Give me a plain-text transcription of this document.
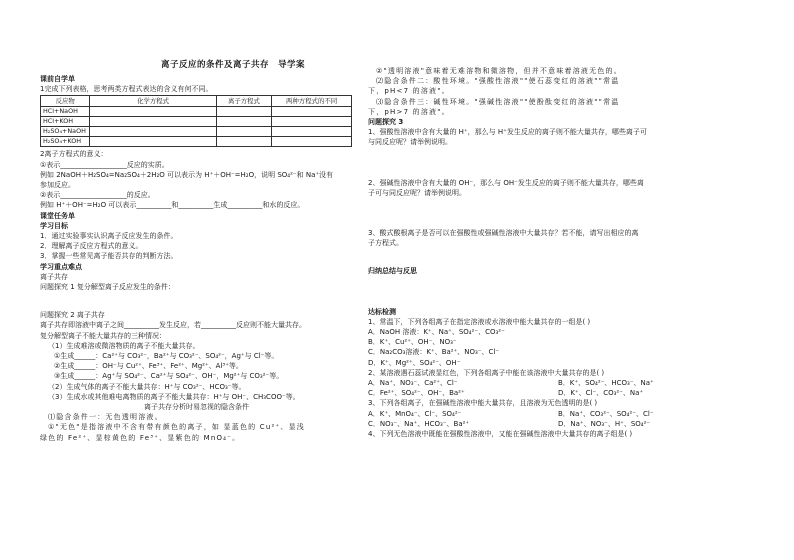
离子反应的条件及离子共存　导学案
课前自学单
1完成下列表格，思考两类方程式表达的含义有何不同。
反应物	化学方程式	离子方程式	两种方程式的不同
HCl+NaOH			
HCl+KOH			
H₂SO₄+NaOH			
H₂SO₄+KOH			
2离子方程式的意义：
①表示___________________反应的实质。
例如 2NaOH＋H₂SO₄=Na₂SO₄＋2H₂O 可以表示为 H⁺＋OH⁻=H₂O，说明 SO₄²⁻和 Na⁺没有
参加反应。
②表示___________________的反应。
例如 H⁺＋OH⁻=H₂O 可以表示__________和__________生成__________和水的反应。
课堂任务单
学习目标
1．通过实验事实认识离子反应发生的条件。
2．理解离子反应方程式的意义。
3．掌握一些常见离子能否共存的判断方法。
学习重点难点
离子共存
问题探究 1 复分解型离子反应发生的条件：
问题探究 2 离子共存
离子共存即溶液中离子之间__________发生反应，若__________反应则不能大量共存。
复分解型离子不能大量共存的三种情况：
（1）生成难溶或微溶物质的离子不能大量共存。
①生成______：Ca²⁺与 CO₃²⁻，Ba²⁺与 CO₃²⁻、SO₄²⁻，Ag⁺与 Cl⁻等。
②生成______：OH⁻与 Cu²⁺、Fe³⁺、Fe²⁺、Mg²⁺、Al³⁺等。
③生成______：Ag⁺与 SO₄²⁻、Ca²⁺与 SO₄²⁻、OH⁻，Mg²⁺与 CO₃²⁻等。
（2）生成气体的离子不能大量共存：H⁺与 CO₃²⁻、HCO₃⁻等。
（3）生成水或其他难电离物质的离子不能大量共存：H⁺与 OH⁻、CH₃COO⁻等。
离子共存分析时易忽视的隐含条件
⑴隐含条件一：无色透明溶液。
①"无色"是指溶液中不含有带有颜色的离子，如 显蓝色的 Cu²⁺、显浅
绿色的 Fe²⁺、显棕黄色的 Fe³⁺、显紫色的 MnO₄⁻。
②"透明溶液"意味着无难溶物和微溶物，但并不意味着溶液无色的。
⑵隐含条件二：酸性环境。"强酸性溶液""使石蕊变红的溶液""常温
下，pH<7 的溶液"。
⑶隐含条件三：碱性环境。"强碱性溶液""使酚酞变红的溶液""常温
下，pH>7 的溶液"。
问题探究 3
1、强酸性溶液中含有大量的 H⁺，那么与 H⁺发生反应的离子则不能大量共存，哪些离子可
与同反应呢？请举例说明。
2、强碱性溶液中含有大量的 OH⁻，那么与 OH⁻发生反应的离子则不能大量共存，哪些离
子可与同反应呢？请举例说明。
3、酸式酸根离子是否可以在强酸性或强碱性溶液中大量共存？若不能，请写出相应的离
子方程式。
归纳总结与反思
达标检测
1、常温下，下列各组离子在指定溶液或水溶液中能大量共存的一组是( )
A．NaOH 溶液：K⁺、Na⁺、SO₄²⁻、CO₃²⁻
B．K⁺、Cu²⁺、OH⁻、NO₃⁻
C．Na₂CO₃溶液：K⁺、Ba²⁺、NO₃⁻、Cl⁻
D．K⁺、Mg²⁺、SO₄²⁻、OH⁻
2、某溶液遇石蕊试液显红色，下列各组离子中能在该溶液中大量共存的是( )
A．Na⁺、NO₃⁻、Ca²⁺、Cl⁻	B．K⁺、SO₄²⁻、HCO₃⁻、Na⁺
C．Fe²⁺、SO₄²⁻、OH⁻、Ba²⁺	D．K⁺、Cl⁻、CO₃²⁻、Na⁺
3、下列各组离子，在强碱性溶液中能大量共存，且溶液为无色透明的是( )
A．K⁺、MnO₄⁻、Cl⁻、SO₄²⁻	B．Na⁺、CO₃²⁻、SO₄²⁻、Cl⁻
C．NO₃⁻、Na⁺、HCO₃⁻、Ba²⁺	D．Na⁺、NO₃⁻、H⁺、SO₄²⁻
4、下列无色溶液中既能在强酸性溶液中，又能在强碱性溶液中大量共存的离子组是( )
